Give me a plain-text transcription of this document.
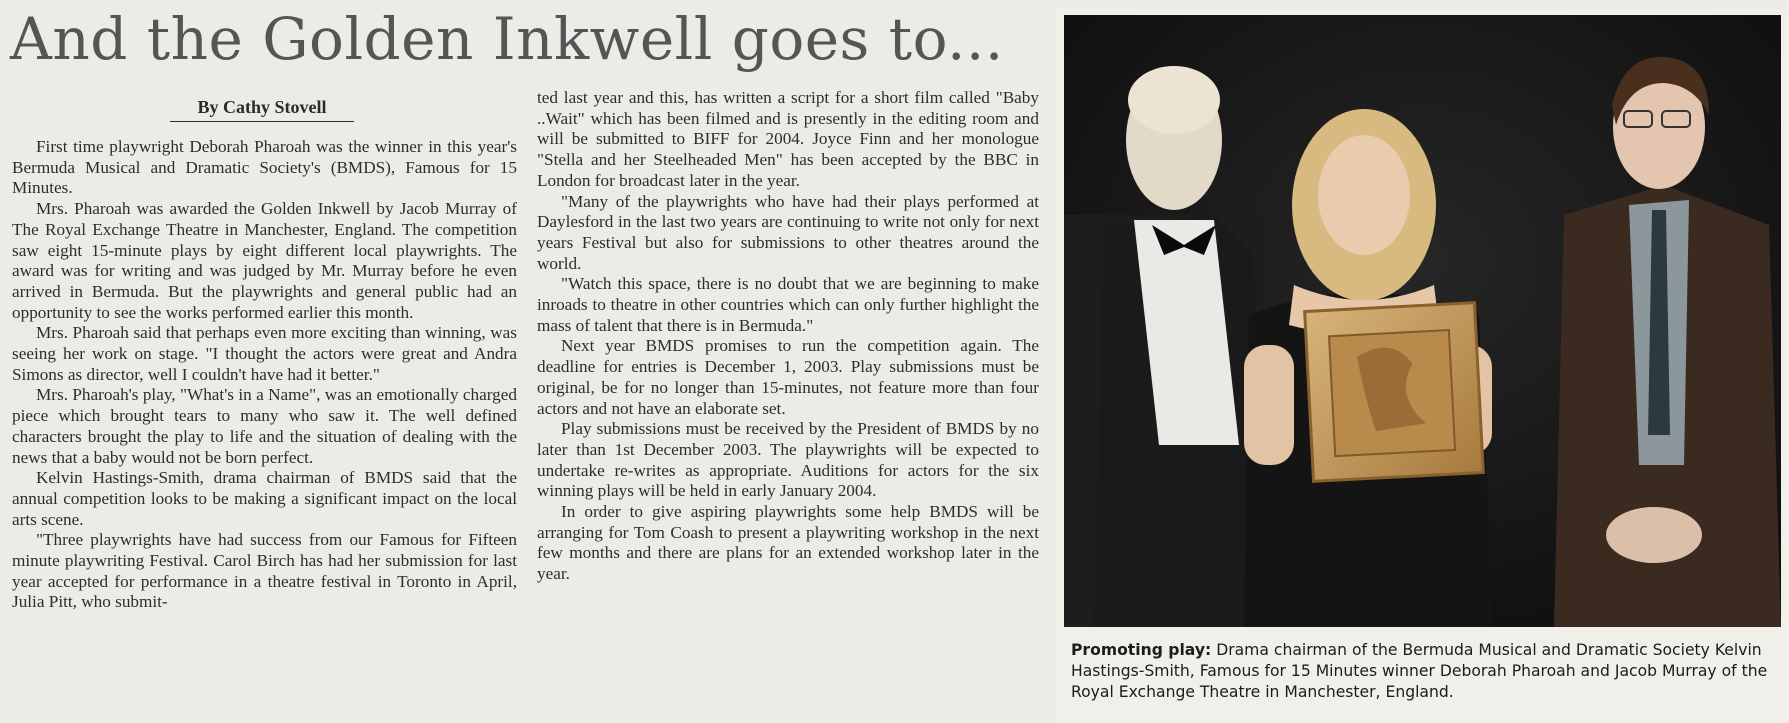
And the Golden Inkwell goes to...
By Cathy Stovell

First time playwright Deborah Pharoah was the winner in this year's Bermuda Musical and Dramatic Society's (BMDS), Famous for 15 Minutes.

Mrs. Pharoah was awarded the Golden Inkwell by Jacob Murray of The Royal Exchange Theatre in Manchester, England. The competition saw eight 15-minute plays by eight different local playwrights. The award was for writing and was judged by Mr. Murray before he even arrived in Bermuda. But the playwrights and general public had an opportunity to see the works performed earlier this month.

Mrs. Pharoah said that perhaps even more exciting than winning, was seeing her work on stage. "I thought the actors were great and Andra Simons as director, well I couldn't have had it better."

Mrs. Pharoah's play, "What's in a Name", was an emotionally charged piece which brought tears to many who saw it. The well defined characters brought the play to life and the situation of dealing with the news that a baby would not be born perfect.

Kelvin Hastings-Smith, drama chairman of BMDS said that the annual competition looks to be making a significant impact on the local arts scene.

"Three playwrights have had success from our Famous for Fifteen minute playwriting Festival. Carol Birch has had her submission for last year accepted for performance in a theatre festival in Toronto in April, Julia Pitt, who submit-

ted last year and this, has written a script for a short film called "Baby ..Wait" which has been filmed and is presently in the editing room and will be submitted to BIFF for 2004. Joyce Finn and her monologue "Stella and her Steelheaded Men" has been accepted by the BBC in London for broadcast later in the year.

"Many of the playwrights who have had their plays performed at Daylesford in the last two years are continuing to write not only for next years Festival but also for submissions to other theatres around the world.

"Watch this space, there is no doubt that we are beginning to make inroads to theatre in other countries which can only further highlight the mass of talent that there is in Bermuda."

Next year BMDS promises to run the competition again. The deadline for entries is December 1, 2003. Play submissions must be original, be for no longer than 15-minutes, not feature more than four actors and not have an elaborate set.

Play submissions must be received by the President of BMDS by no later than 1st December 2003. The playwrights will be expected to undertake re-writes as appropriate. Auditions for actors for the six winning plays will be held in early January 2004.

In order to give aspiring playwrights some help BMDS will be arranging for Tom Coash to present a playwriting workshop in the next few months and there are plans for an extended workshop later in the year.

Promoting play: Drama chairman of the Bermuda Musical and Dramatic Society Kelvin Hastings-Smith, Famous for 15 Minutes winner Deborah Pharoah and Jacob Murray of the Royal Exchange Theatre in Manchester, England.
